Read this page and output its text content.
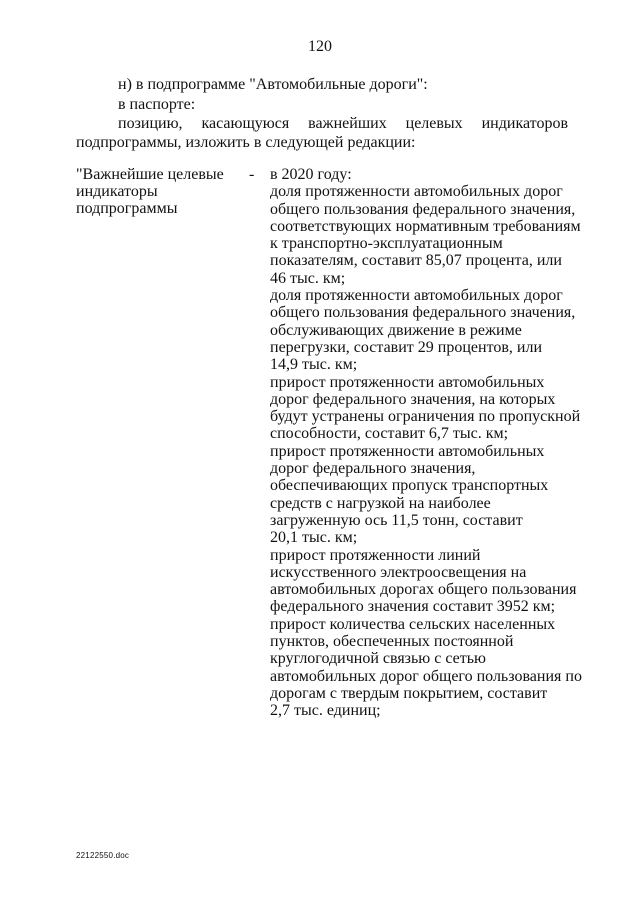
120
н) в подпрограмме "Автомобильные дороги":
в паспорте:
позицию, касающуюся важнейших целевых индикаторов
подпрограммы, изложить в следующей редакции:
"Важнейшие целевые
индикаторы
подпрограммы
- в 2020 году:
доля протяженности автомобильных дорог
общего пользования федерального значения,
соответствующих нормативным требованиям
к транспортно-эксплуатационным
показателям, составит 85,07 процента, или
46 тыс. км;
доля протяженности автомобильных дорог
общего пользования федерального значения,
обслуживающих движение в режиме
перегрузки, составит 29 процентов, или
14,9 тыс. км;
прирост протяженности автомобильных
дорог федерального значения, на которых
будут устранены ограничения по пропускной
способности, составит 6,7 тыс. км;
прирост протяженности автомобильных
дорог федерального значения,
обеспечивающих пропуск транспортных
средств с нагрузкой на наиболее
загруженную ось 11,5 тонн, составит
20,1 тыс. км;
прирост протяженности линий
искусственного электроосвещения на
автомобильных дорогах общего пользования
федерального значения составит 3952 км;
прирост количества сельских населенных
пунктов, обеспеченных постоянной
круглогодичной связью с сетью
автомобильных дорог общего пользования по
дорогам с твердым покрытием, составит
2,7 тыс. единиц;
22122550.doc
